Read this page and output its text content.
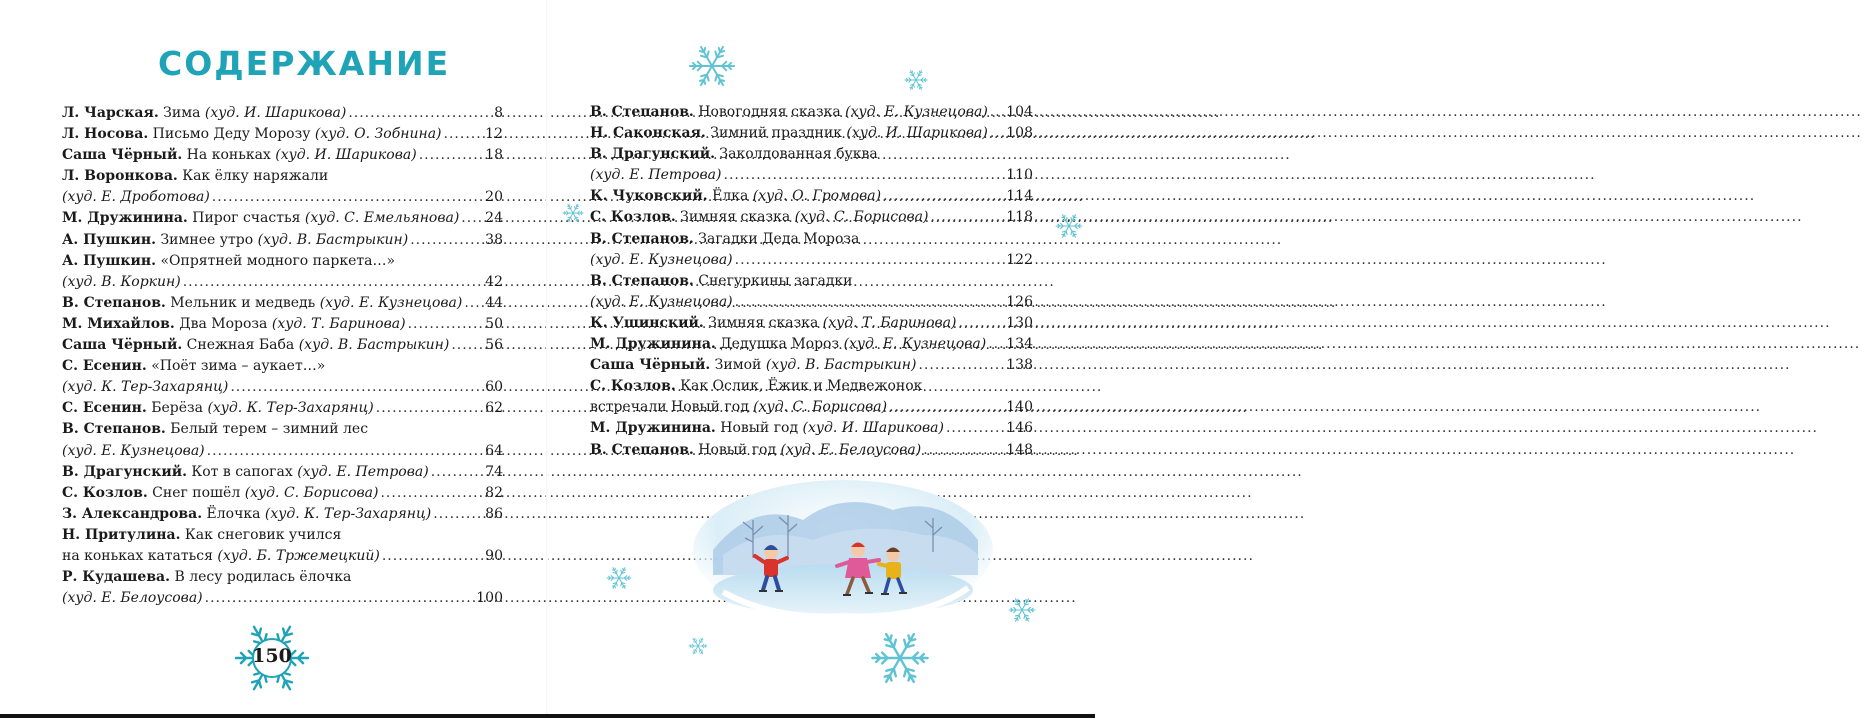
СОДЕРЖАНИЕ
Л. Чарская. Зима (худ. И. Шарикова) .....	8
Л. Носова. Письмо Деду Морозу (худ. О. Зобнина) .....	12
Саша Чёрный. На коньках (худ. И. Шарикова) .....	18
Л. Воронкова. Как ёлку наряжали
(худ. Е. Дроботова) .....	20
М. Дружинина. Пирог счастья (худ. С. Емельянова) ..... 24
А. Пушкин. Зимнее утро (худ. В. Бастрыкин) .....	38
А. Пушкин. «Опрятней модного паркета…»
(худ. В. Коркин) .....	42
В. Степанов. Мельник и медведь (худ. Е. Кузнецова) ..... 44
М. Михайлов. Два Мороза (худ. Т. Баринова) .....	50
Саша Чёрный. Снежная Баба (худ. В. Бастрыкин) .....	56
С. Есенин. «Поёт зима – аукает…»
(худ. К. Тер-Захарянц) .....	60
С. Есенин. Берёза (худ. К. Тер-Захарянц) .....	62
В. Степанов. Белый терем – зимний лес
(худ. Е. Кузнецова) .....	64
В. Драгунский. Кот в сапогах (худ. Е. Петрова) .....	74
С. Козлов. Снег пошёл (худ. С. Борисова) .....	82
З. Александрова. Ёлочка (худ. К. Тер-Захарянц) .....	86
Н. Притулина. Как снеговик учился
на коньках кататься (худ. Б. Тржемецкий) .....	90
Р. Кудашева. В лесу родилась ёлочка
(худ. Е. Белоусова) .....	100
150
В. Степанов. Новогодняя сказка (худ. Е. Кузнецова) ..... 104
Н. Саконская. Зимний праздник (худ. И. Шарикова) ..... 108
В. Драгунский. Заколдованная буква
(худ. Е. Петрова) .....	110
К. Чуковский. Ёлка (худ. О. Громова) .....	114
С. Козлов. Зимняя сказка (худ. С. Борисова) .....	118
В. Степанов. Загадки Деда Мороза
(худ. Е. Кузнецова) .....	122
В. Степанов. Снегуркины загадки
(худ. Е. Кузнецова) .....	126
К. Ушинский. Зимняя сказка (худ. Т. Баринова) .....	130
М. Дружинина. Дедушка Мороз (худ. Е. Кузнецова) ..... 134
Саша Чёрный. Зимой (худ. В. Бастрыкин) .....	138
С. Козлов. Как Ослик, Ёжик и Медвежонок
встречали Новый год (худ. С. Борисова) .....	140
М. Дружинина. Новый год (худ. И. Шарикова) .....	146
В. Степанов. Новый год (худ. Е. Белоусова) .....	148
